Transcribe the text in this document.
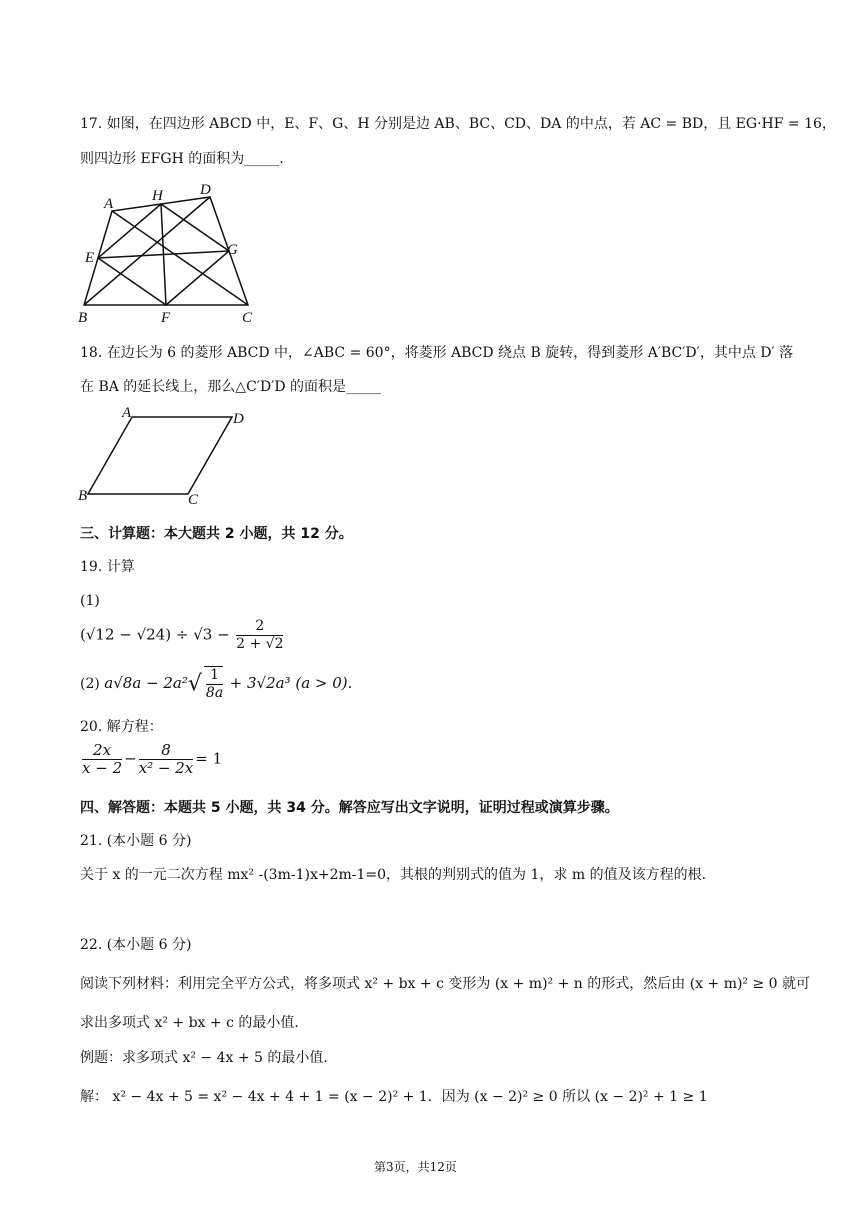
17. 如图，在四边形 ABCD 中，E、F、G、H 分别是边 AB、BC、CD、DA 的中点，若 AC = BD，且 EG·HF = 16，
则四边形 EFGH 的面积为_____.
A	H D
E	G
B	F	C
18. 在边长为 6 的菱形 ABCD 中，∠ABC = 60°，将菱形 ABCD 绕点 B 旋转，得到菱形 A′BC′D′，其中点 D′ 落
在 BA 的延长线上，那么△C′D′D 的面积是_____
A	D
B	C
三、计算题：本大题共 2 小题，共 12 分。
19. 计算
(1)
$(√12 - √24) \div √3 - \frac{2}{2 + √2}$
(2) $a√8a - 2a^2√ \frac{1}{8a} + 3√2a^3$ (a > 0).
20. 解方程：
$\frac{2x}{x - 2} - \frac{8}{\text{x² − 2x}} = 1$
四、解答题：本题共 5 小题，共 34 分。解答应写出文字说明，证明过程或演算步骤。
21. (本小题 6 分)
关于 x 的一元二次方程 mx² -(3m-1)x+2m-1=0，其根的判别式的值为 1，求 m 的值及该方程的根.
22. (本小题 6 分)
阅读下列材料：利用完全平方公式，将多项式 x² + bx + c 变形为 (x + m)² + n 的形式，然后由 (x + m)² ≥ 0 就可
求出多项式 x² + bx + c 的最小值.
例题：求多项式 x² − 4x + 5 的最小值.
解： x² − 4x + 5 = x² − 4x + 4 + 1 = (x − 2)² + 1．因为 (x − 2)² ≥ 0 所以 (x − 2)² + 1 ≥ 1
第3页，共12页
